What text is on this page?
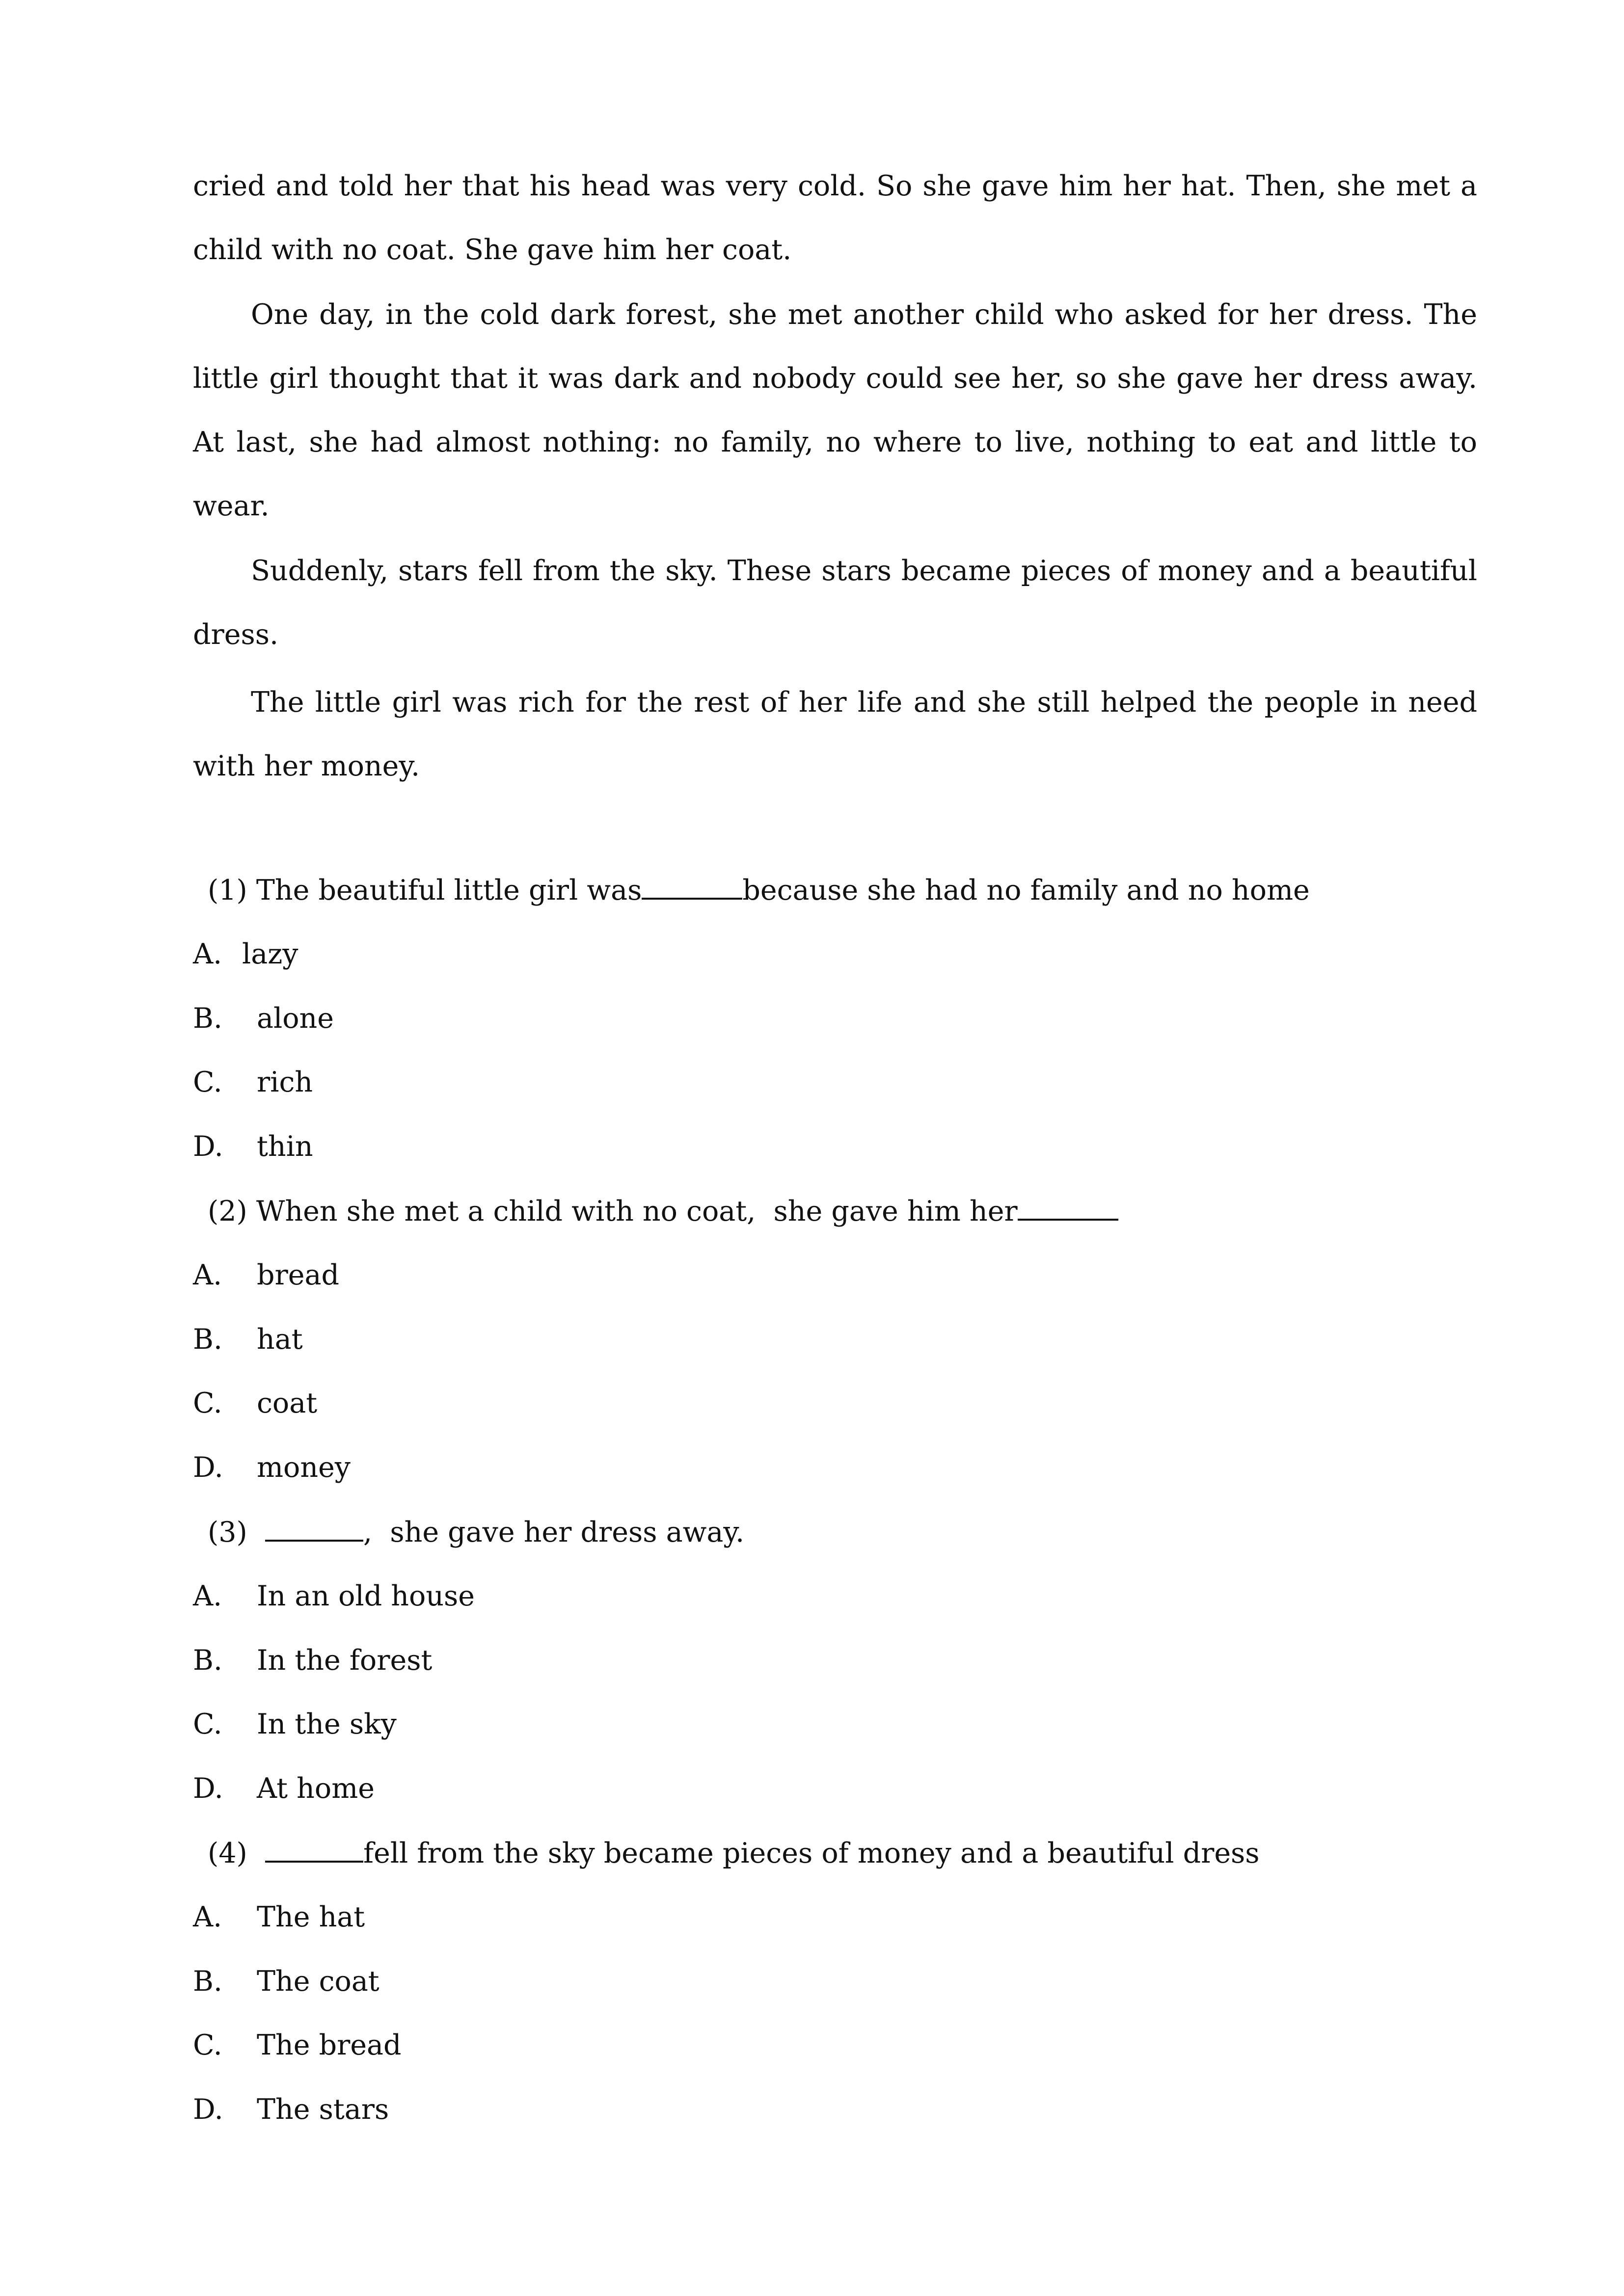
cried and told her that his head was very cold. So she gave him her hat. Then, she met a child with no coat. She gave him her coat.

One day, in the cold dark forest, she met another child who asked for her dress. The little girl thought that it was dark and nobody could see her, so she gave her dress away. At last, she had almost nothing: no family, no where to live, nothing to eat and little to wear.

Suddenly, stars fell from the sky. These stars became pieces of money and a beautiful dress.

The little girl was rich for the rest of her life and she still helped the people in need with her money.

(1) The beautiful little girl was	because she had no family and no home
A. lazy
B. alone
C. rich
D. thin
(2) When she met a child with no coat,  she gave him her
A. bread
B. hat
C. coat
D. money
(3)	,  she gave her dress away.
A. In an old house
B. In the forest
C. In the sky
D. At home
(4)	fell from the sky became pieces of money and a beautiful dress
A. The hat
B. The coat
C. The bread
D. The stars
